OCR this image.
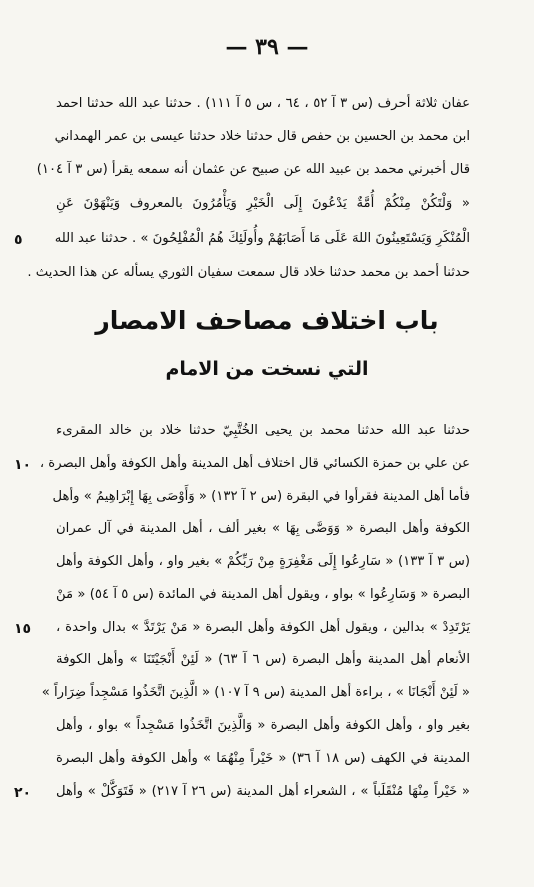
— ٣٩ —
عفان ثلاثة أحرف (س ٣ آ ٥٢ ، ٦٤ ، س ٥ آ ١١١) . حدثنا عبد الله حدثنا احمد
ابن محمد بن الحسين بن حفص قال حدثنا خلاد حدثنا عيسى بن عمر الهمداني
قال أخبرني محمد بن عبيد الله عن صبيح عن عثمان أنه سمعه يقرأ (س ٣ آ ١٠٤)
« وَلْتَكُنْ مِنْكُمْ أُمَّةٌ يَدْعُونَ إِلَى الْخَيْرِ وَيَأْمُرُونَ بالمعروف وَيَنْهَوْنَ عَنِ
الْمُنْكَرِ وَيَسْتَعِينُونَ اللهَ عَلَى مَا أَصَابَهُمْ وأُولَئِكَ هُمُ الْمُفْلِحُونَ » . حدثنا عبد الله
حدثنا أحمد بن محمد حدثنا خلاد قال سمعت سفيان الثوري يسأله عن هذا الحديث .
٥
باب اختلاف مصاحف الامصار
التي نسخت من الامام
حدثنا عبد الله حدثنا محمد بن يحيى الخُتَّبِيّ حدثنا خلاد بن خالد المقرىء
عن علي بن حمزة الكسائي قال اختلاف أهل المدينة وأهل الكوفة وأهل البصرة ،
فأما أهل المدينة فقرأوا في البقرة (س ٢ آ ١٣٢) « وَأَوْصَى بِهَا إِبْرَاهِيمُ » وأهل
الكوفة وأهل البصرة « وَوَصَّى بِهَا » بغير ألف ، أهل المدينة في آل عمران
(س ٣ آ ١٣٣) « سَارِعُوا إِلَى مَغْفِرَةٍ مِنْ رَبِّكُمْ » بغير واو ، وأهل الكوفة وأهل
البصرة « وَسَارِعُوا » بواو ، ويقول أهل المدينة في المائدة (س ٥ آ ٥٤) « مَنْ
يَرْتَدِدْ » بدالين ، ويقول أهل الكوفة وأهل البصرة « مَنْ يَرْتَدَّ » بدال واحدة ،
الأنعام أهل المدينة وأهل البصرة (س ٦ آ ٦٣) « لَئِنْ أَنْجَيْتَنَا » وأهل الكوفة
« لَئِنْ أَنْجَانَا » ، براءة أهل المدينة (س ٩ آ ١٠٧) « الَّذِينَ اتَّخَذُوا مَسْجِداً ضِرَاراً »
بغير واو ، وأهل الكوفة وأهل البصرة « وَالَّذِينَ اتَّخَذُوا مَسْجِداً » بواو ، وأهل
المدينة في الكهف (س ١٨ آ ٣٦) « خَيْراً مِنْهُمَا » وأهل الكوفة وأهل البصرة
« خَيْراً مِنْهَا مُنْقَلَباً » ، الشعراء أهل المدينة (س ٢٦ آ ٢١٧) « فَتَوَكَّلْ » وأهل
١٠
١٥
٢٠
